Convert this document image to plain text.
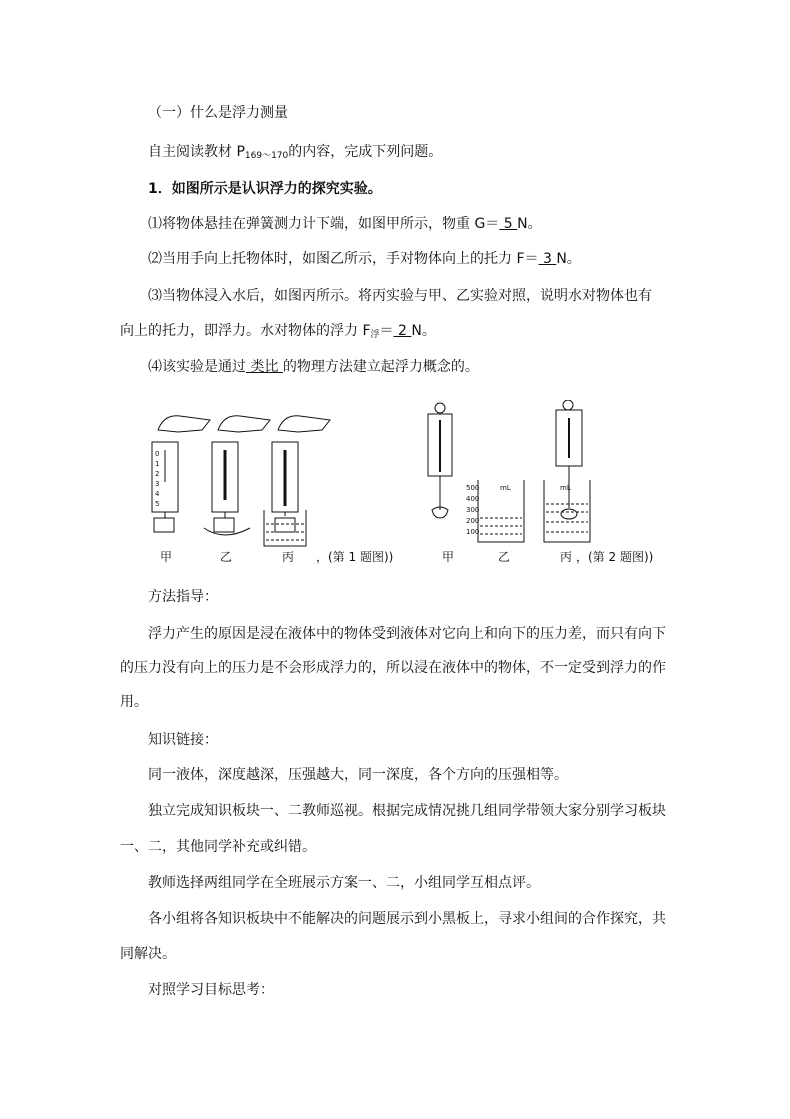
（一）什么是浮力测量
自主阅读教材 $P_{169\sim 170}$的内容，完成下列问题。
1．如图所示是认识浮力的探究实验。
⑴将物体悬挂在弹簧测力计下端，如图甲所示，物重 G＝ 5 N。
⑵当用手向上托物体时，如图乙所示，手对物体向上的托力 F＝ 3 N。
⑶当物体浸入水后，如图丙所示。将丙实验与甲、乙实验对照，说明水对物体也有
向上的托力，即浮力。水对物体的浮力 $F_浮= 2$ N。
⑷该实验是通过 类比 的物理方法建立起浮力概念的。
0
1
2
3
4
5
500
400
300
200
100
mL	mL
甲	乙	丙 ，(第 1 题图))	甲	乙	丙 ，(第 2 题图))
方法指导：
浮力产生的原因是浸在液体中的物体受到液体对它向上和向下的压力差，而只有向下
的压力没有向上的压力是不会形成浮力的，所以浸在液体中的物体，不一定受到浮力的作
用。
知识链接：
同一液体，深度越深，压强越大，同一深度，各个方向的压强相等。
独立完成知识板块一、二教师巡视。根据完成情况挑几组同学带领大家分别学习板块
一、二，其他同学补充或纠错。
教师选择两组同学在全班展示方案一、二，小组同学互相点评。
各小组将各知识板块中不能解决的问题展示到小黑板上，寻求小组间的合作探究，共
同解决。
对照学习目标思考：
